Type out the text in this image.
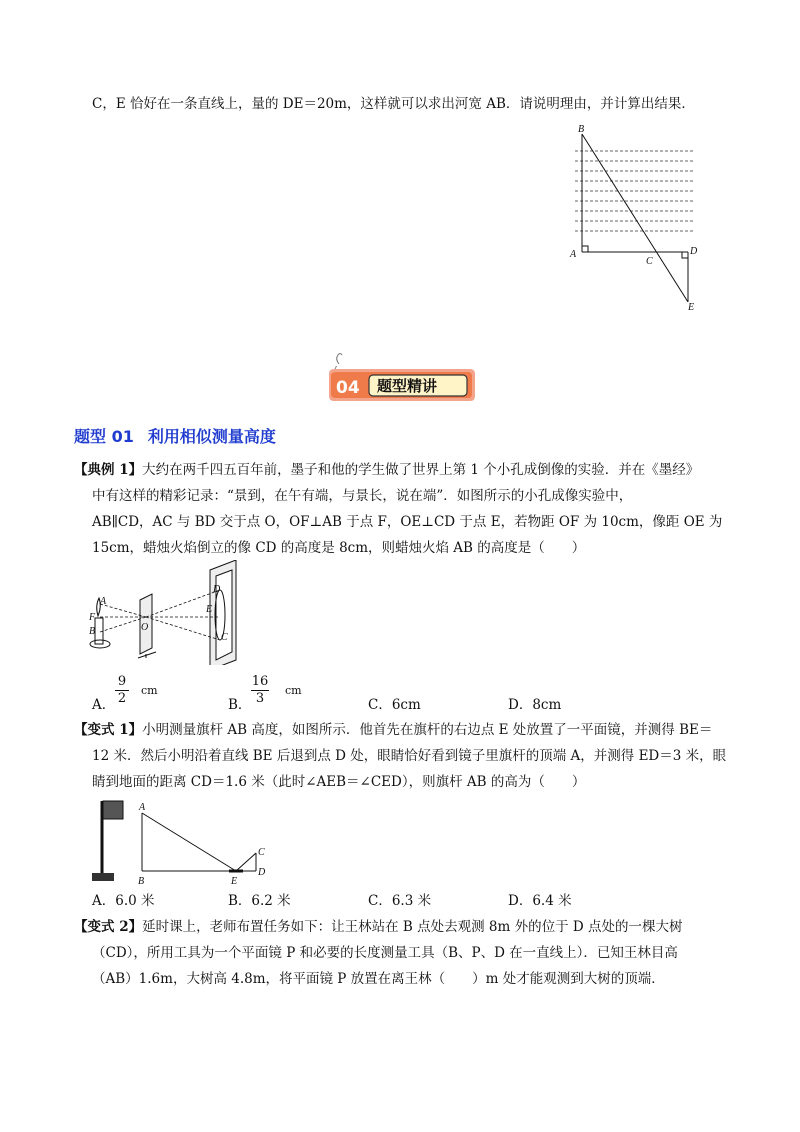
C，E 恰好在一条直线上，量的 DE＝20m，这样就可以求出河宽 AB．请说明理由，并计算出结果．
B
A
C
D
E
04 题型精讲
题型 01 利用相似测量高度
【典例 1】大约在两千四五百年前，墨子和他的学生做了世界上第 1 个小孔成倒像的实验．并在《墨经》
中有这样的精彩记录：“景到，在午有端，与景长，说在端”．如图所示的小孔成像实验中，
AB∥CD，AC 与 BD 交于点 O，OF⊥AB 于点 F，OE⊥CD 于点 E，若物距 OF 为 10cm，像距 OE 为
15cm，蜡烛火焰倒立的像 CD 的高度是 8cm，则蜡烛火焰 AB 的高度是（　　）
A
F
B	O
D
E
C
A．
9
2
cm
B．
16
3
cm
C．6cm	D．8cm
【变式 1】小明测量旗杆 AB 高度，如图所示．他首先在旗杆的右边点 E 处放置了一平面镜，并测得 BE＝
12 米．然后小明沿着直线 BE 后退到点 D 处，眼睛恰好看到镜子里旗杆的顶端 A，并测得 ED＝3 米，眼
睛到地面的距离 CD＝1.6 米（此时∠AEB＝∠CED），则旗杆 AB 的高为（　　）
A
B	E
C
D
A．6.0 米	B．6.2 米	C．6.3 米	D．6.4 米
【变式 2】延时课上，老师布置任务如下：让王林站在 B 点处去观测 8m 外的位于 D 点处的一棵大树
（CD），所用工具为一个平面镜 P 和必要的长度测量工具（B、P、D 在一直线上）．已知王林目高
（AB）1.6m，大树高 4.8m，将平面镜 P 放置在离王林（　　）m 处才能观测到大树的顶端．
